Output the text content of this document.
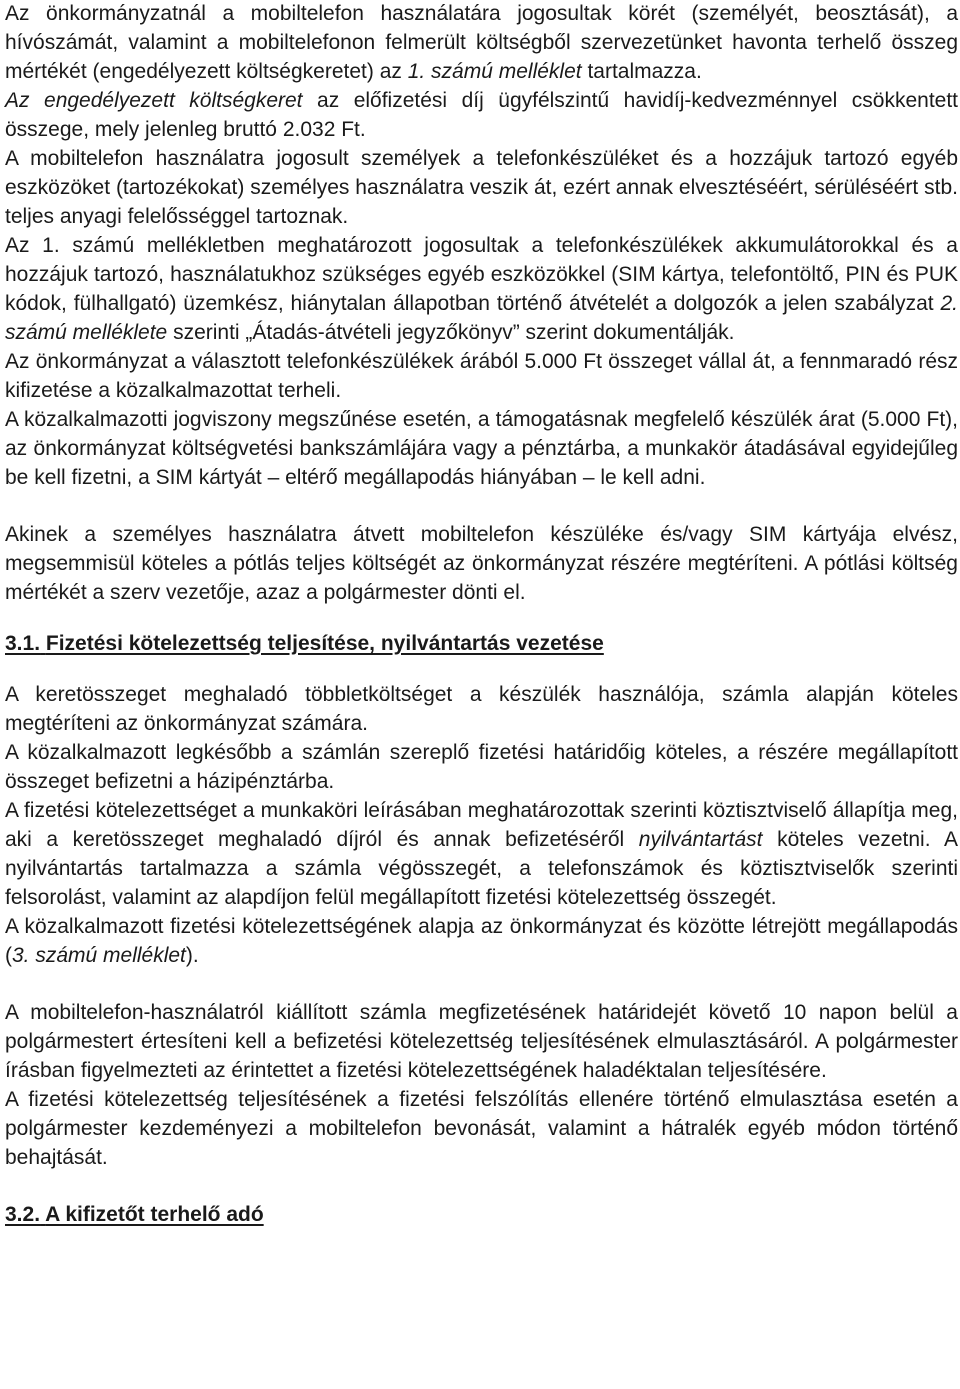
Az önkormányzatnál a mobiltelefon használatára jogosultak körét (személyét, beosztását), a hívószámát, valamint a mobiltelefonon felmerült költségből szervezetünket havonta terhelő összeg mértékét (engedélyezett költségkeretet) az 1. számú melléklet tartalmazza.

Az engedélyezett költségkeret az előfizetési díj ügyfélszintű havidíj-kedvezménnyel csökkentett összege, mely jelenleg bruttó 2.032 Ft.

A mobiltelefon használatra jogosult személyek a telefonkészüléket és a hozzájuk tartozó egyéb eszközöket (tartozékokat) személyes használatra veszik át, ezért annak elvesztéséért, sérüléséért stb. teljes anyagi felelősséggel tartoznak.

Az 1. számú mellékletben meghatározott jogosultak a telefonkészülékek akkumulátorokkal és a hozzájuk tartozó, használatukhoz szükséges egyéb eszközökkel (SIM kártya, telefontöltő, PIN és PUK kódok, fülhallgató) üzemkész, hiánytalan állapotban történő átvételét a dolgozók a jelen szabályzat 2. számú melléklete szerinti „Átadás-átvételi jegyzőkönyv” szerint dokumentálják.

Az önkormányzat a választott telefonkészülékek árából 5.000 Ft összeget vállal át, a fennmaradó rész kifizetése a közalkalmazottat terheli.

A közalkalmazotti jogviszony megszűnése esetén, a támogatásnak megfelelő készülék árat (5.000 Ft), az önkormányzat költségvetési bankszámlájára vagy a pénztárba, a munkakör átadásával egyidejűleg be kell fizetni, a SIM kártyát – eltérő megállapodás hiányában – le kell adni.

Akinek a személyes használatra átvett mobiltelefon készüléke és/vagy SIM kártyája elvész, megsemmisül köteles a pótlás teljes költségét az önkormányzat részére megtéríteni. A pótlási költség mértékét a szerv vezetője, azaz a polgármester dönti el.

3.1. Fizetési kötelezettség teljesítése, nyilvántartás vezetése

A keretösszeget meghaladó többletköltséget a készülék használója, számla alapján köteles megtéríteni az önkormányzat számára.

A közalkalmazott legkésőbb a számlán szereplő fizetési határidőig köteles, a részére megállapított összeget befizetni a házipénztárba.

A fizetési kötelezettséget a munkaköri leírásában meghatározottak szerinti köztisztviselő állapítja meg, aki a keretösszeget meghaladó díjról és annak befizetéséről nyilvántartást köteles vezetni. A nyilvántartás tartalmazza a számla végösszegét, a telefonszámok és köztisztviselők szerinti felsorolást, valamint az alapdíjon felül megállapított fizetési kötelezettség összegét.

A közalkalmazott fizetési kötelezettségének alapja az önkormányzat és közötte létrejött megállapodás (3. számú melléklet).

A mobiltelefon-használatról kiállított számla megfizetésének határidejét követő 10 napon belül a polgármestert értesíteni kell a befizetési kötelezettség teljesítésének elmulasztásáról. A polgármester írásban figyelmezteti az érintettet a fizetési kötelezettségének haladéktalan teljesítésére.

A fizetési kötelezettség teljesítésének a fizetési felszólítás ellenére történő elmulasztása esetén a polgármester kezdeményezi a mobiltelefon bevonását, valamint a hátralék egyéb módon történő behajtását.

3.2. A kifizetőt terhelő adó
